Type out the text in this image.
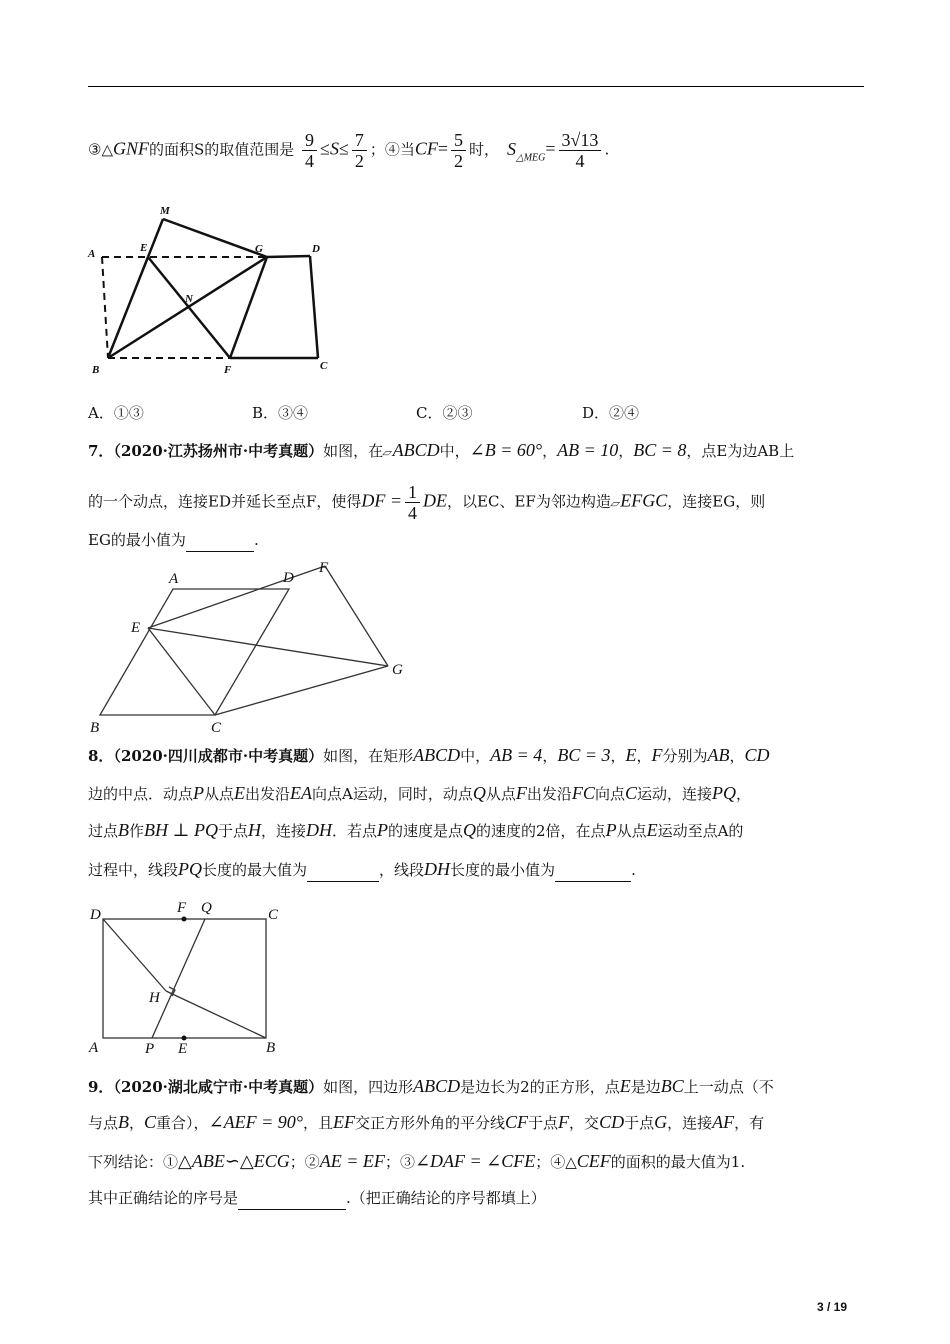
③△GNF的面积S的取值范围是 $\frac{9}{4} \le S\le \frac{7}{2}$ ；④当$CF= \frac{5}{2}$ 时， $S_{\triangle MEG}= \frac{3√13}{4}$ .
M
A	E	G	D
N
B	F	C
A．①③	B．③④	C．②③	D．②④
7．（2020·江苏扬州市·中考真题）如图，在▱ABCD中，∠B = 60°，AB = 10，BC = 8，点E为边AB上
的一个动点，连接ED并延长至点F，使得DF = $\frac{1}{4}$ DE，以EC、EF为邻边构造▱EFGC，连接EG，则
EG的最小值为	.
A	D
F
E
G
B	C
8．（2020·四川成都市·中考真题）如图，在矩形ABCD中，AB = 4，BC = 3，E，F分别为AB，CD
边的中点．动点P从点E出发沿EA向点A运动，同时，动点Q从点F出发沿FC向点C运动，连接PQ，
过点B作BH ⊥ PQ于点H，连接DH．若点P的速度是点Q的速度的2倍，在点P从点E运动至点A的
过程中，线段PQ长度的最大值为	，线段DH长度的最小值为	.
D	F Q	C
H
A	P E	B
9．（2020·湖北咸宁市·中考真题）如图，四边形ABCD是边长为2的正方形，点E是边BC上一动点（不
与点B，C重合），∠AEF = 90°，且EF交正方形外角的平分线CF于点F，交CD于点G，连接AF，有
下列结论：①△ABE∽△ECG；②AE = EF；③∠DAF = ∠CFE；④△CEF的面积的最大值为1.
其中正确结论的序号是	.（把正确结论的序号都填上）
3 / 19
